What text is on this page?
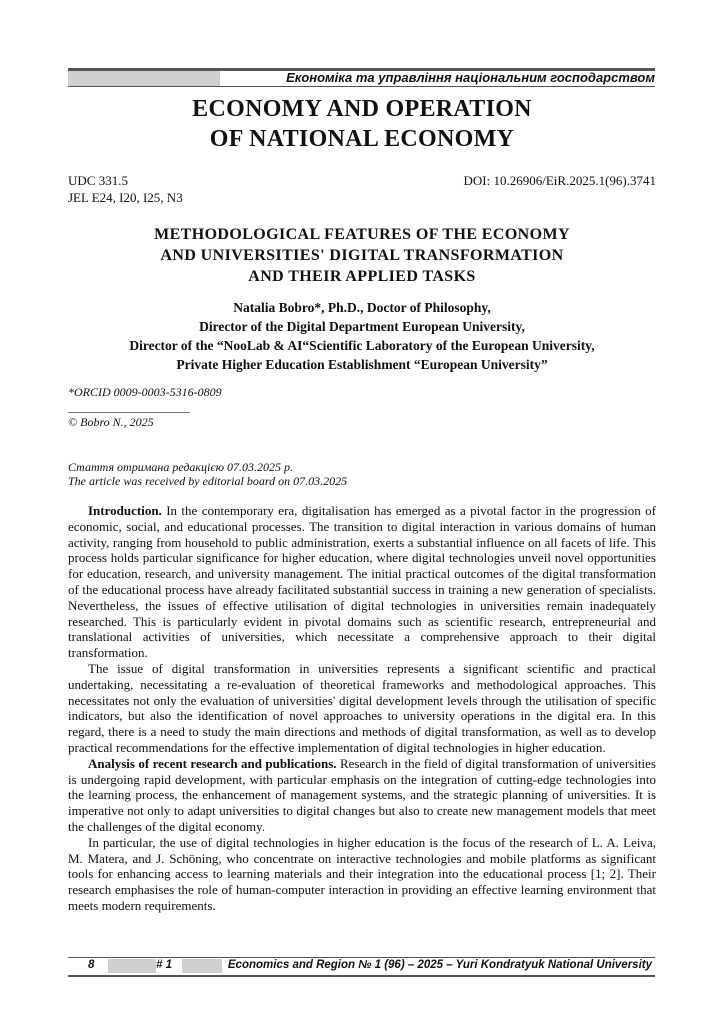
Економіка та управління національним господарством
ECONOMY AND OPERATION
OF NATIONAL ECONOMY
UDC 331.5
JEL E24, I20, I25, N3
DOI: 10.26906/EiR.2025.1(96).3741
METHODOLOGICAL FEATURES OF THE ECONOMY
AND UNIVERSITIES' DIGITAL TRANSFORMATION
AND THEIR APPLIED TASKS
Natalia Bobro*, Ph.D., Doctor of Philosophy,
Director of the Digital Department European University,
Director of the “NooLab & AI“Scientific Laboratory of the European University,
Private Higher Education Establishment “European University”
*ORCID 0009-0003-5316-0809
© Bobro N., 2025
Стаття отримана редакцією 07.03.2025 р.
The article was received by editorial board on 07.03.2025

Introduction. In the contemporary era, digitalisation has emerged as a pivotal factor in the progression of economic, social, and educational processes. The transition to digital interaction in various domains of human activity, ranging from household to public administration, exerts a substantial influence on all facets of life. This process holds particular significance for higher education, where digital technologies unveil novel opportunities for education, research, and university management. The initial practical outcomes of the digital transformation of the educational process have already facilitated substantial success in training a new generation of specialists. Nevertheless, the issues of effective utilisation of digital technologies in universities remain inadequately researched. This is particularly evident in pivotal domains such as scientific research, entrepreneurial and translational activities of universities, which necessitate a comprehensive approach to their digital transformation.

The issue of digital transformation in universities represents a significant scientific and practical undertaking, necessitating a re-evaluation of theoretical frameworks and methodological approaches. This necessitates not only the evaluation of universities' digital development levels through the utilisation of specific indicators, but also the identification of novel approaches to university operations in the digital era. In this regard, there is a need to study the main directions and methods of digital transformation, as well as to develop practical recommendations for the effective implementation of digital technologies in higher education.

Analysis of recent research and publications. Research in the field of digital transformation of universities is undergoing rapid development, with particular emphasis on the integration of cutting-edge technologies into the learning process, the enhancement of management systems, and the strategic planning of universities. It is imperative not only to adapt universities to digital changes but also to create new management models that meet the challenges of the digital economy.

In particular, the use of digital technologies in higher education is the focus of the research of L. A. Leiva, M. Matera, and J. Schöning, who concentrate on interactive technologies and mobile platforms as significant tools for enhancing access to learning materials and their integration into the educational process [1; 2]. Their research emphasises the role of human-computer interaction in providing an effective learning environment that meets modern requirements.

8	# 1	Economics and Region № 1 (96) – 2025 – Yuri Kondratyuk National University
